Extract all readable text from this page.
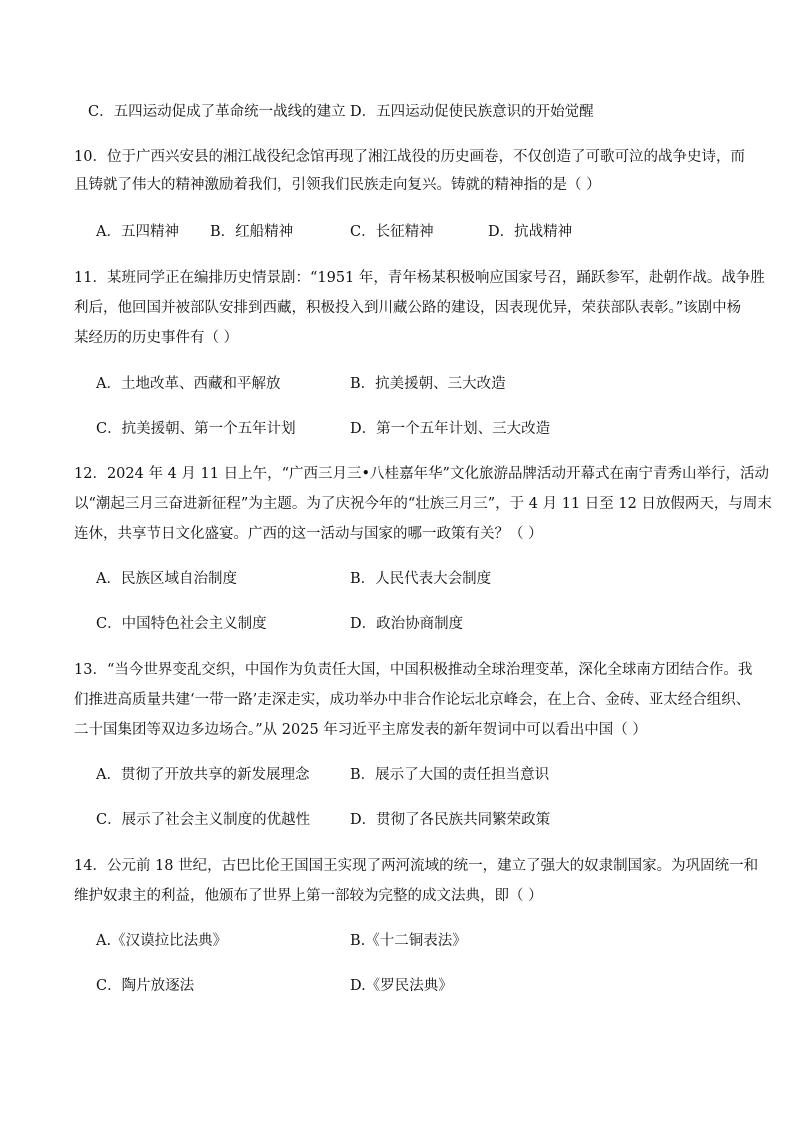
C．五四运动促成了革命统一战线的建立 D．五四运动促使民族意识的开始觉醒
10．位于广西兴安县的湘江战役纪念馆再现了湘江战役的历史画卷，不仅创造了可歌可泣的战争史诗，而
且铸就了伟大的精神激励着我们，引领我们民族走向复兴。铸就的精神指的是（ ）
A．五四精神 B．红船精神	C．长征精神	D．抗战精神
11．某班同学正在编排历史情景剧：“1951 年，青年杨某积极响应国家号召，踊跃参军，赴朝作战。战争胜
利后，他回国并被部队安排到西藏，积极投入到川藏公路的建设，因表现优异，荣获部队表彰。”该剧中杨
某经历的历史事件有（ ）
A．土地改革、西藏和平解放	B．抗美援朝、三大改造
C．抗美援朝、第一个五年计划	D．第一个五年计划、三大改造
12．2024 年 4 月 11 日上午，“广西三月三•八桂嘉年华”文化旅游品牌活动开幕式在南宁青秀山举行，活动
以“潮起三月三奋进新征程”为主题。为了庆祝今年的“壮族三月三”，于 4 月 11 日至 12 日放假两天，与周末
连休，共享节日文化盛宴。广西的这一活动与国家的哪一政策有关？（ ）
A．民族区域自治制度	B．人民代表大会制度
C．中国特色社会主义制度	D．政治协商制度
13．“当今世界变乱交织，中国作为负责任大国，中国积极推动全球治理变革，深化全球南方团结合作。我
们推进高质量共建‘一带一路’走深走实，成功举办中非合作论坛北京峰会，在上合、金砖、亚太经合组织、
二十国集团等双边多边场合。”从 2025 年习近平主席发表的新年贺词中可以看出中国（ ）
A．贯彻了开放共享的新发展理念	B．展示了大国的责任担当意识
C．展示了社会主义制度的优越性	D．贯彻了各民族共同繁荣政策
14．公元前 18 世纪，古巴比伦王国国王实现了两河流域的统一，建立了强大的奴隶制国家。为巩固统一和
维护奴隶主的利益，他颁布了世界上第一部较为完整的成文法典，即（ ）
A.《汉谟拉比法典》	B.《十二铜表法》
C．陶片放逐法	D.《罗民法典》
